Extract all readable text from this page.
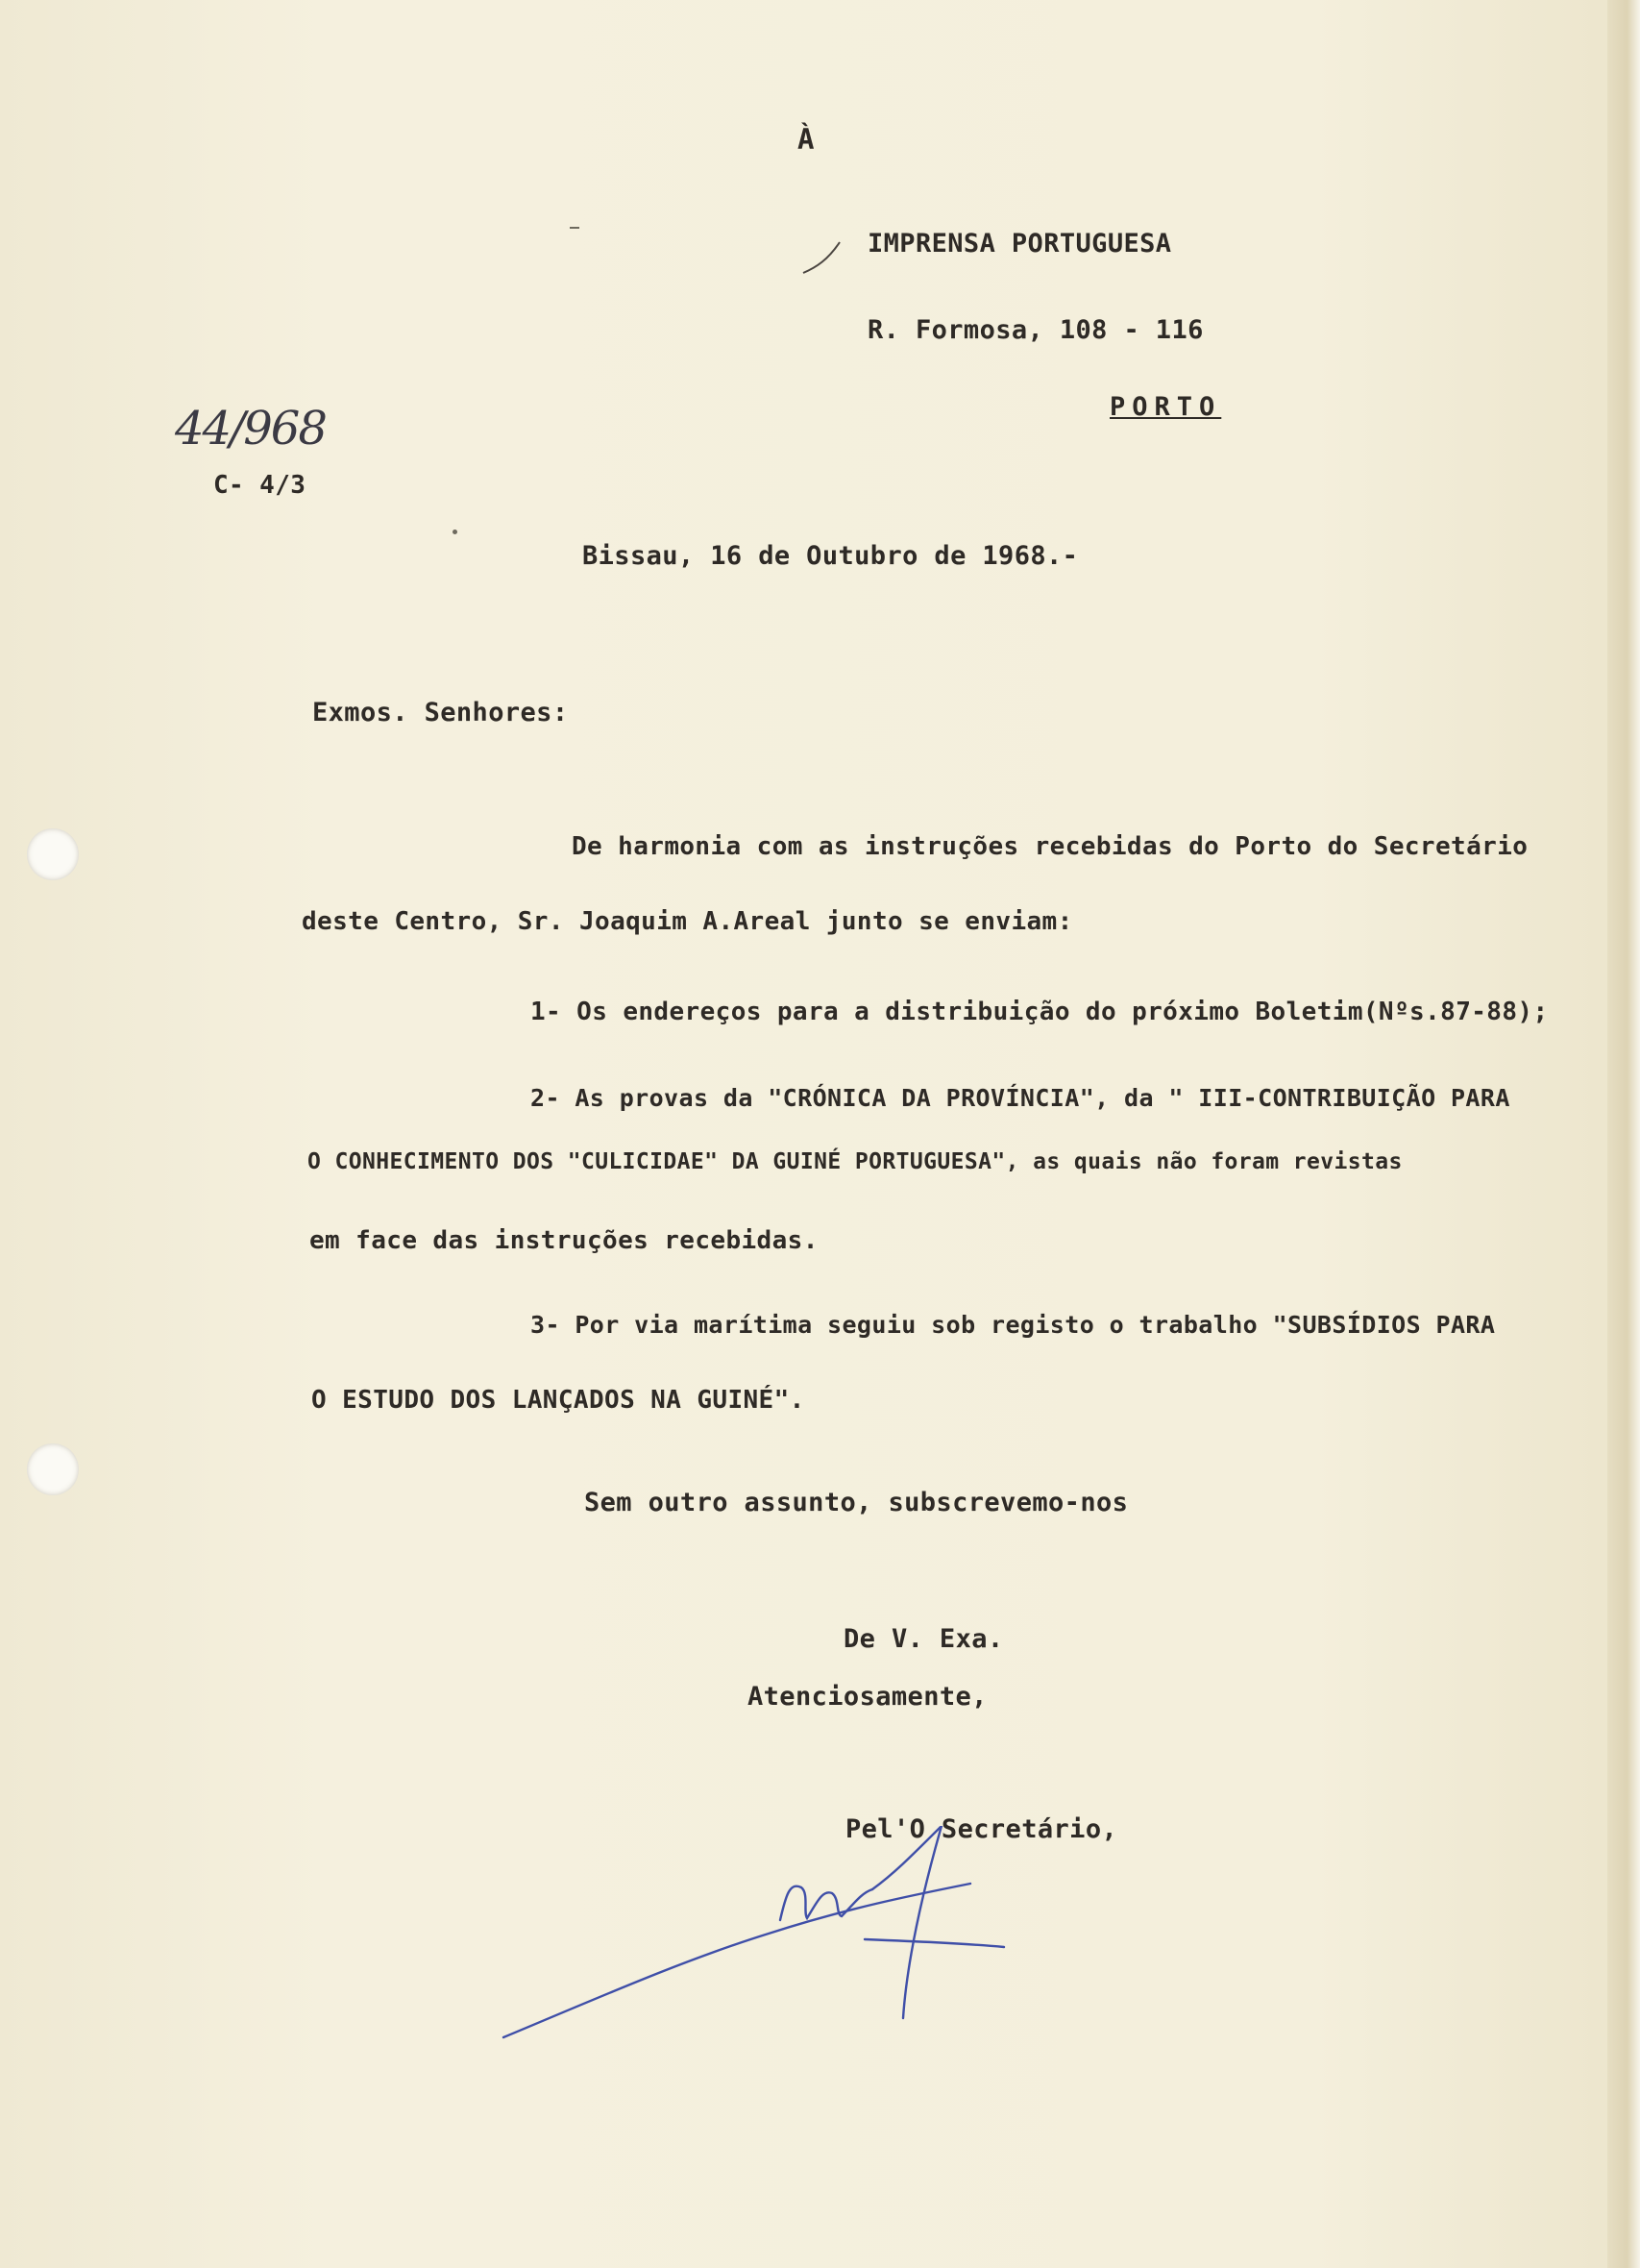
À
IMPRENSA PORTUGUESA
R. Formosa, 108 - 116
PORTO
44/968
C- 4/3
Bissau, 16 de Outubro de 1968.-
Exmos. Senhores:
De harmonia com as instruções recebidas do Porto do Secretário
deste Centro, Sr. Joaquim A.Areal junto se enviam:
1- Os endereços para a distribuição do próximo Boletim(Nºs.87-88);
2- As provas da "CRÓNICA DA PROVÍNCIA", da " III-CONTRIBUIÇÃO PARA
O CONHECIMENTO DOS "CULICIDAE" DA GUINÉ PORTUGUESA", as quais não foram revistas
em face das instruções recebidas.
3- Por via marítima seguiu sob registo o trabalho "SUBSÍDIOS PARA
O ESTUDO DOS LANÇADOS NA GUINÉ".
Sem outro assunto, subscrevemo-nos
De V. Exa.
Atenciosamente,
Pel'O Secretário,
